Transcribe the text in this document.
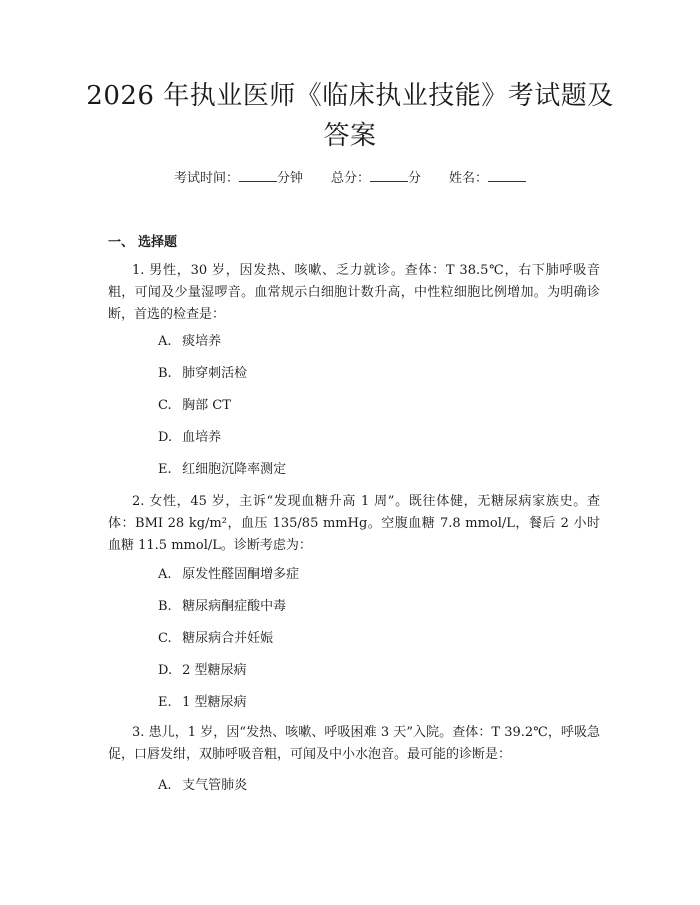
2026 年执业医师《临床执业技能》考试题及答案
考试时间：	分钟 总分：	分 姓名：
一、 选择题
1. 男性，30 岁，因发热、咳嗽、乏力就诊。查体：T 38.5℃，右下肺呼吸音粗，可闻及少量湿啰音。血常规示白细胞计数升高，中性粒细胞比例增加。为明确诊断，首选的检查是：
A. 痰培养
B. 肺穿刺活检
C. 胸部 CT
D. 血培养
E. 红细胞沉降率测定
2. 女性，45 岁，主诉“发现血糖升高 1 周”。既往体健，无糖尿病家族史。查体：BMI 28 kg/m²，血压 135/85 mmHg。空腹血糖 7.8 mmol/L，餐后 2 小时血糖 11.5 mmol/L。诊断考虑为：
A. 原发性醛固酮增多症
B. 糖尿病酮症酸中毒
C. 糖尿病合并妊娠
D. 2 型糖尿病
E. 1 型糖尿病
3. 患儿，1 岁，因“发热、咳嗽、呼吸困难 3 天”入院。查体：T 39.2℃，呼吸急促，口唇发绀，双肺呼吸音粗，可闻及中小水泡音。最可能的诊断是：
A. 支气管肺炎
